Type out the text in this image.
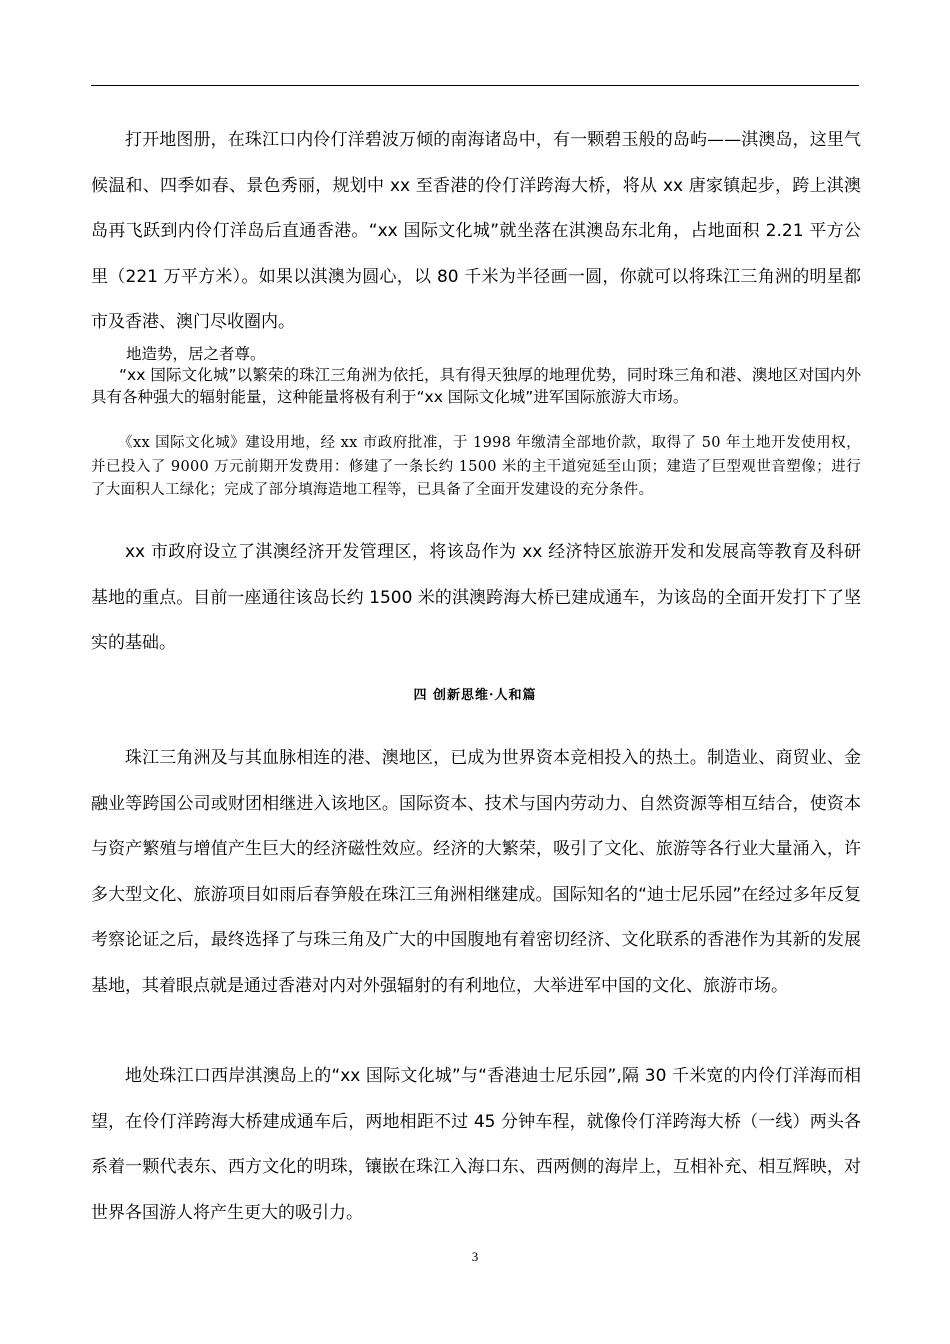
打开地图册，在珠江口内伶仃洋碧波万倾的南海诸岛中，有一颗碧玉般的岛屿——淇澳岛，这里气候温和、四季如春、景色秀丽，规划中 xx 至香港的伶仃洋跨海大桥，将从 xx 唐家镇起步，跨上淇澳岛再飞跃到内伶仃洋岛后直通香港。“xx 国际文化城”就坐落在淇澳岛东北角，占地面积 2.21 平方公里（221 万平方米）。如果以淇澳为圆心，以 80 千米为半径画一圆，你就可以将珠江三角洲的明星都市及香港、澳门尽收圈内。

地造势，居之者尊。

“xx 国际文化城”以繁荣的珠江三角洲为依托，具有得天独厚的地理优势，同时珠三角和港、澳地区对国内外具有各种强大的辐射能量，这种能量将极有利于“xx 国际文化城”进军国际旅游大市场。

《xx 国际文化城》建设用地，经 xx 市政府批准，于 1998 年缴清全部地价款，取得了 50 年土地开发使用权，并已投入了 9000 万元前期开发费用：修建了一条长约 1500 米的主干道宛延至山顶；建造了巨型观世音塑像；进行了大面积人工绿化；完成了部分填海造地工程等，已具备了全面开发建设的充分条件。

xx 市政府设立了淇澳经济开发管理区，将该岛作为 xx 经济特区旅游开发和发展高等教育及科研基地的重点。目前一座通往该岛长约 1500 米的淇澳跨海大桥已建成通车，为该岛的全面开发打下了坚实的基础。

四 创新思维·人和篇

珠江三角洲及与其血脉相连的港、澳地区，已成为世界资本竞相投入的热土。制造业、商贸业、金融业等跨国公司或财团相继进入该地区。国际资本、技术与国内劳动力、自然资源等相互结合，使资本与资产繁殖与增值产生巨大的经济磁性效应。经济的大繁荣，吸引了文化、旅游等各行业大量涌入，许多大型文化、旅游项目如雨后春笋般在珠江三角洲相继建成。国际知名的“迪士尼乐园”在经过多年反复考察论证之后，最终选择了与珠三角及广大的中国腹地有着密切经济、文化联系的香港作为其新的发展基地，其着眼点就是通过香港对内对外强辐射的有利地位，大举进军中国的文化、旅游市场。

地处珠江口西岸淇澳岛上的“xx 国际文化城”与“香港迪士尼乐园”,隔 30 千米宽的内伶仃洋海而相望，在伶仃洋跨海大桥建成通车后，两地相距不过 45 分钟车程，就像伶仃洋跨海大桥（一线）两头各系着一颗代表东、西方文化的明珠，镶嵌在珠江入海口东、西两侧的海岸上，互相补充、相互辉映，对世界各国游人将产生更大的吸引力。

3
